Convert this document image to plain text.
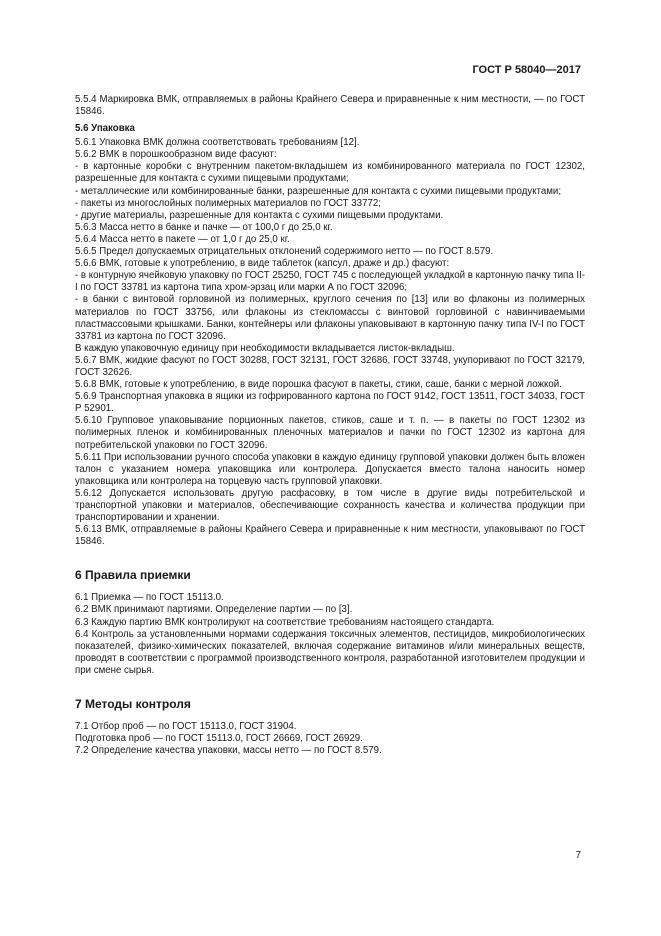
ГОСТ Р 58040—2017

5.5.4 Маркировка ВМК, отправляемых в районы Крайнего Севера и приравненные к ним местности, — по ГОСТ 15846.

5.6 Упаковка

5.6.1 Упаковка ВМК должна соответствовать требованиям [12].

5.6.2 ВМК в порошкообразном виде фасуют:

- в картонные коробки с внутренним пакетом-вкладышем из комбинированного материала по ГОСТ 12302, разрешенные для контакта с сухими пищевыми продуктами;

- металлические или комбинированные банки, разрешенные для контакта с сухими пищевыми продуктами;

- пакеты из многослойных полимерных материалов по ГОСТ 33772;

- другие материалы, разрешенные для контакта с сухими пищевыми продуктами.

5.6.3 Масса нетто в банке и пачке — от 100,0 г до 25,0 кг.

5.6.4 Масса нетто в пакете — от 1,0 г до 25,0 кг.

5.6.5 Предел допускаемых отрицательных отклонений содержимого нетто — по ГОСТ 8.579.

5.6.6 ВМК, готовые к употреблению, в виде таблеток (капсул, драже и др.) фасуют:

- в контурную ячейковую упаковку по ГОСТ 25250, ГОСТ 745 с последующей укладкой в картонную пачку типа II-I по ГОСТ 33781 из картона типа хром-эрзац или марки А по ГОСТ 32096;

- в банки с винтовой горловиной из полимерных, круглого сечения по [13] или во флаконы из полимерных материалов по ГОСТ 33756, или флаконы из стекломассы с винтовой горловиной с навинчиваемыми пластмассовыми крышками. Банки, контейнеры или флаконы упаковывают в картонную пачку типа IV-I по ГОСТ 33781 из картона по ГОСТ 32096.

В каждую упаковочную единицу при необходимости вкладывается листок-вкладыш.

5.6.7 ВМК, жидкие фасуют по ГОСТ 30288, ГОСТ 32131, ГОСТ 32686, ГОСТ 33748, укупоривают по ГОСТ 32179, ГОСТ 32626.

5.6.8 ВМК, готовые к употреблению, в виде порошка фасуют в пакеты, стики, саше, банки с мерной ложкой.

5.6.9 Транспортная упаковка в ящики из гофрированного картона по ГОСТ 9142, ГОСТ 13511, ГОСТ 34033, ГОСТ Р 52901.

5.6.10 Групповое упаковывание порционных пакетов, стиков, саше и т. п. — в пакеты по ГОСТ 12302 из полимерных пленок и комбинированных пленочных материалов и пачки по ГОСТ 12302 из картона для потребительской упаковки по ГОСТ 32096.

5.6.11 При использовании ручного способа упаковки в каждую единицу групповой упаковки должен быть вложен талон с указанием номера упаковщика или контролера. Допускается вместо талона наносить номер упаковщика или контролера на торцевую часть групповой упаковки.

5.6.12 Допускается использовать другую расфасовку, в том числе в другие виды потребительской и транспортной упаковки и материалов, обеспечивающие сохранность качества и количества продукции при транспортировании и хранении.

5.6.13 ВМК, отправляемые в районы Крайнего Севера и приравненные к ним местности, упаковывают по ГОСТ 15846.

6 Правила приемки

6.1 Приемка — по ГОСТ 15113.0.

6.2 ВМК принимают партиями. Определение партии — по [3].

6.3 Каждую партию ВМК контролируют на соответствие требованиям настоящего стандарта.

6.4 Контроль за установленными нормами содержания токсичных элементов, пестицидов, микробиологических показателей, физико-химических показателей, включая содержание витаминов и/или минеральных веществ, проводят в соответствии с программой производственного контроля, разработанной изготовителем продукции и при смене сырья.

7 Методы контроля

7.1 Отбор проб — по ГОСТ 15113.0, ГОСТ 31904.

Подготовка проб — по ГОСТ 15113.0, ГОСТ 26669, ГОСТ 26929.

7.2 Определение качества упаковки, массы нетто — по ГОСТ 8.579.

7
